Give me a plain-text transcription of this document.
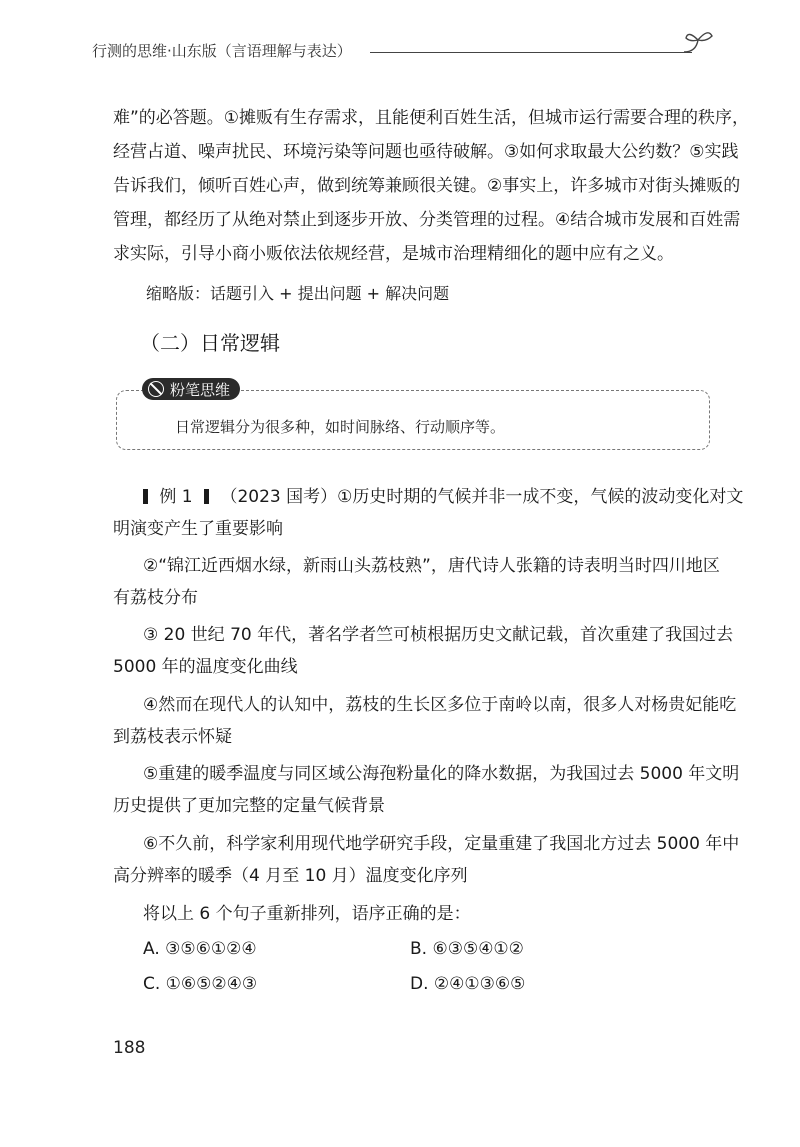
行测的思维·山东版（言语理解与表达）
难”的必答题。①摊贩有生存需求，且能便利百姓生活，但城市运行需要合理的秩序，
经营占道、噪声扰民、环境污染等问题也亟待破解。③如何求取最大公约数？⑤实践
告诉我们，倾听百姓心声，做到统筹兼顾很关键。②事实上，许多城市对街头摊贩的
管理，都经历了从绝对禁止到逐步开放、分类管理的过程。④结合城市发展和百姓需
求实际，引导小商小贩依法依规经营，是城市治理精细化的题中应有之义。
缩略版：话题引入 + 提出问题 + 解决问题
（二）日常逻辑
粉笔思维
日常逻辑分为很多种，如时间脉络、行动顺序等。
例 1 （2023 国考）①历史时期的气候并非一成不变，气候的波动变化对文
明演变产生了重要影响
②“锦江近西烟水绿，新雨山头荔枝熟”，唐代诗人张籍的诗表明当时四川地区
有荔枝分布
③ 20 世纪 70 年代，著名学者竺可桢根据历史文献记载，首次重建了我国过去
5000 年的温度变化曲线
④然而在现代人的认知中，荔枝的生长区多位于南岭以南，很多人对杨贵妃能吃
到荔枝表示怀疑
⑤重建的暖季温度与同区域公海孢粉量化的降水数据，为我国过去 5000 年文明
历史提供了更加完整的定量气候背景
⑥不久前，科学家利用现代地学研究手段，定量重建了我国北方过去 5000 年中
高分辨率的暖季（4 月至 10 月）温度变化序列
将以上 6 个句子重新排列，语序正确的是：
A. ③⑤⑥①②④	B. ⑥③⑤④①②
C. ①⑥⑤②④③	D. ②④①③⑥⑤
188
